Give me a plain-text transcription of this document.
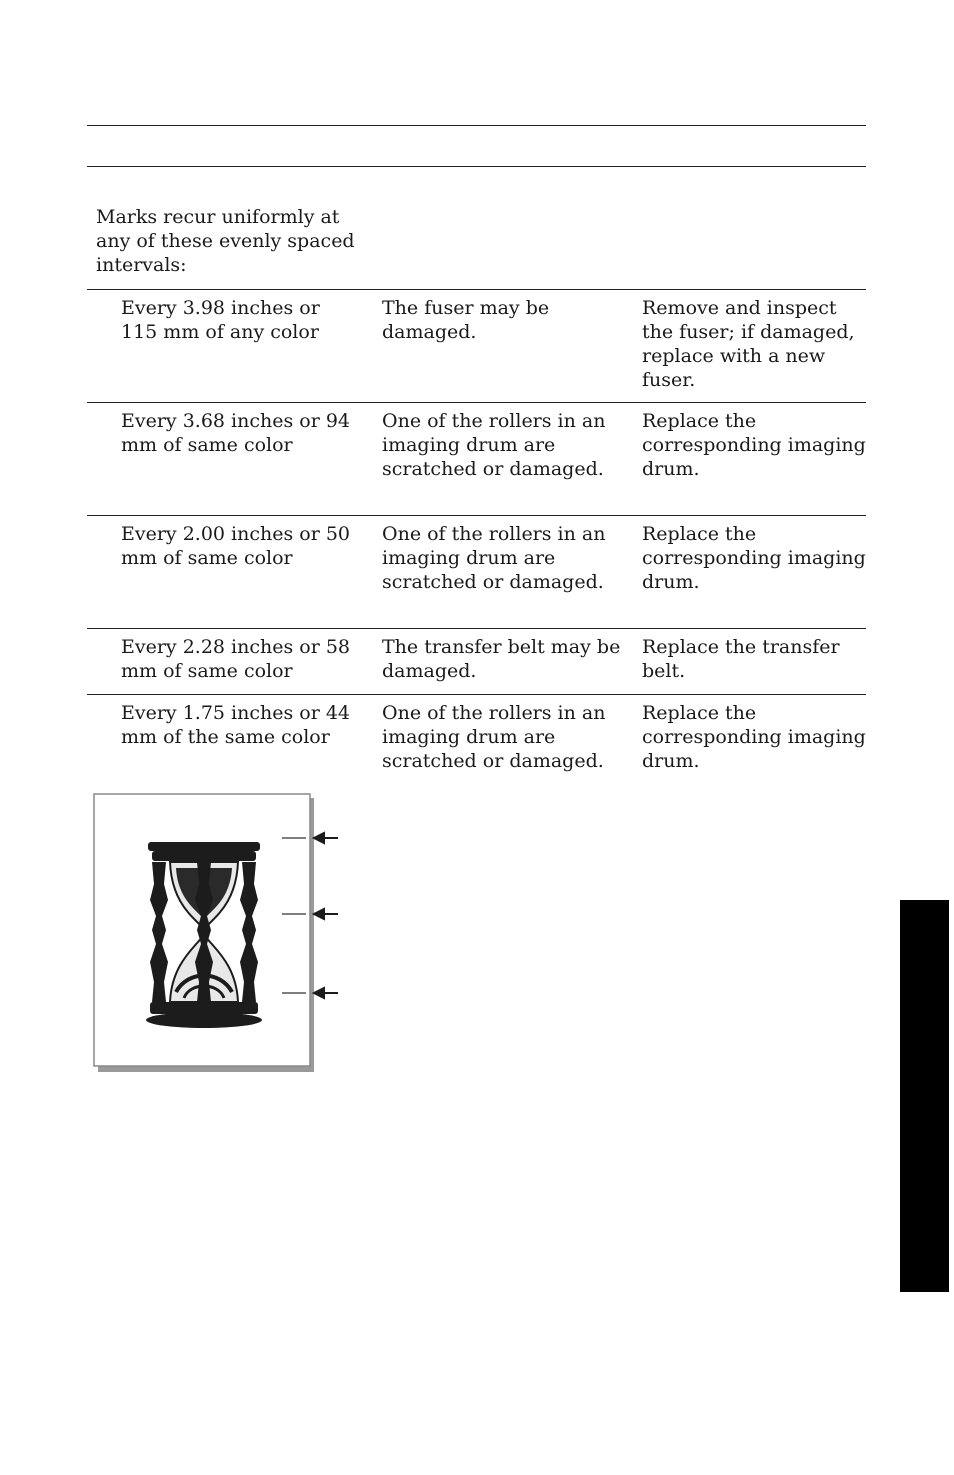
Marks recur uniformly at any of these evenly spaced intervals:

Every 3.98 inches or 115 mm of any color

The fuser may be damaged.

Remove and inspect the fuser; if damaged, replace with a new fuser.

Every 3.68 inches or 94 mm of same color

One of the rollers in an imaging drum are scratched or damaged.

Replace the corresponding imaging drum.

Every 2.00 inches or 50 mm of same color

One of the rollers in an imaging drum are scratched or damaged.

Replace the corresponding imaging drum.

Every 2.28 inches or 58 mm of same color

The transfer belt may be damaged.

Replace the transfer belt.

Every 1.75 inches or 44 mm of the same color

One of the rollers in an imaging drum are scratched or damaged.

Replace the corresponding imaging drum.
